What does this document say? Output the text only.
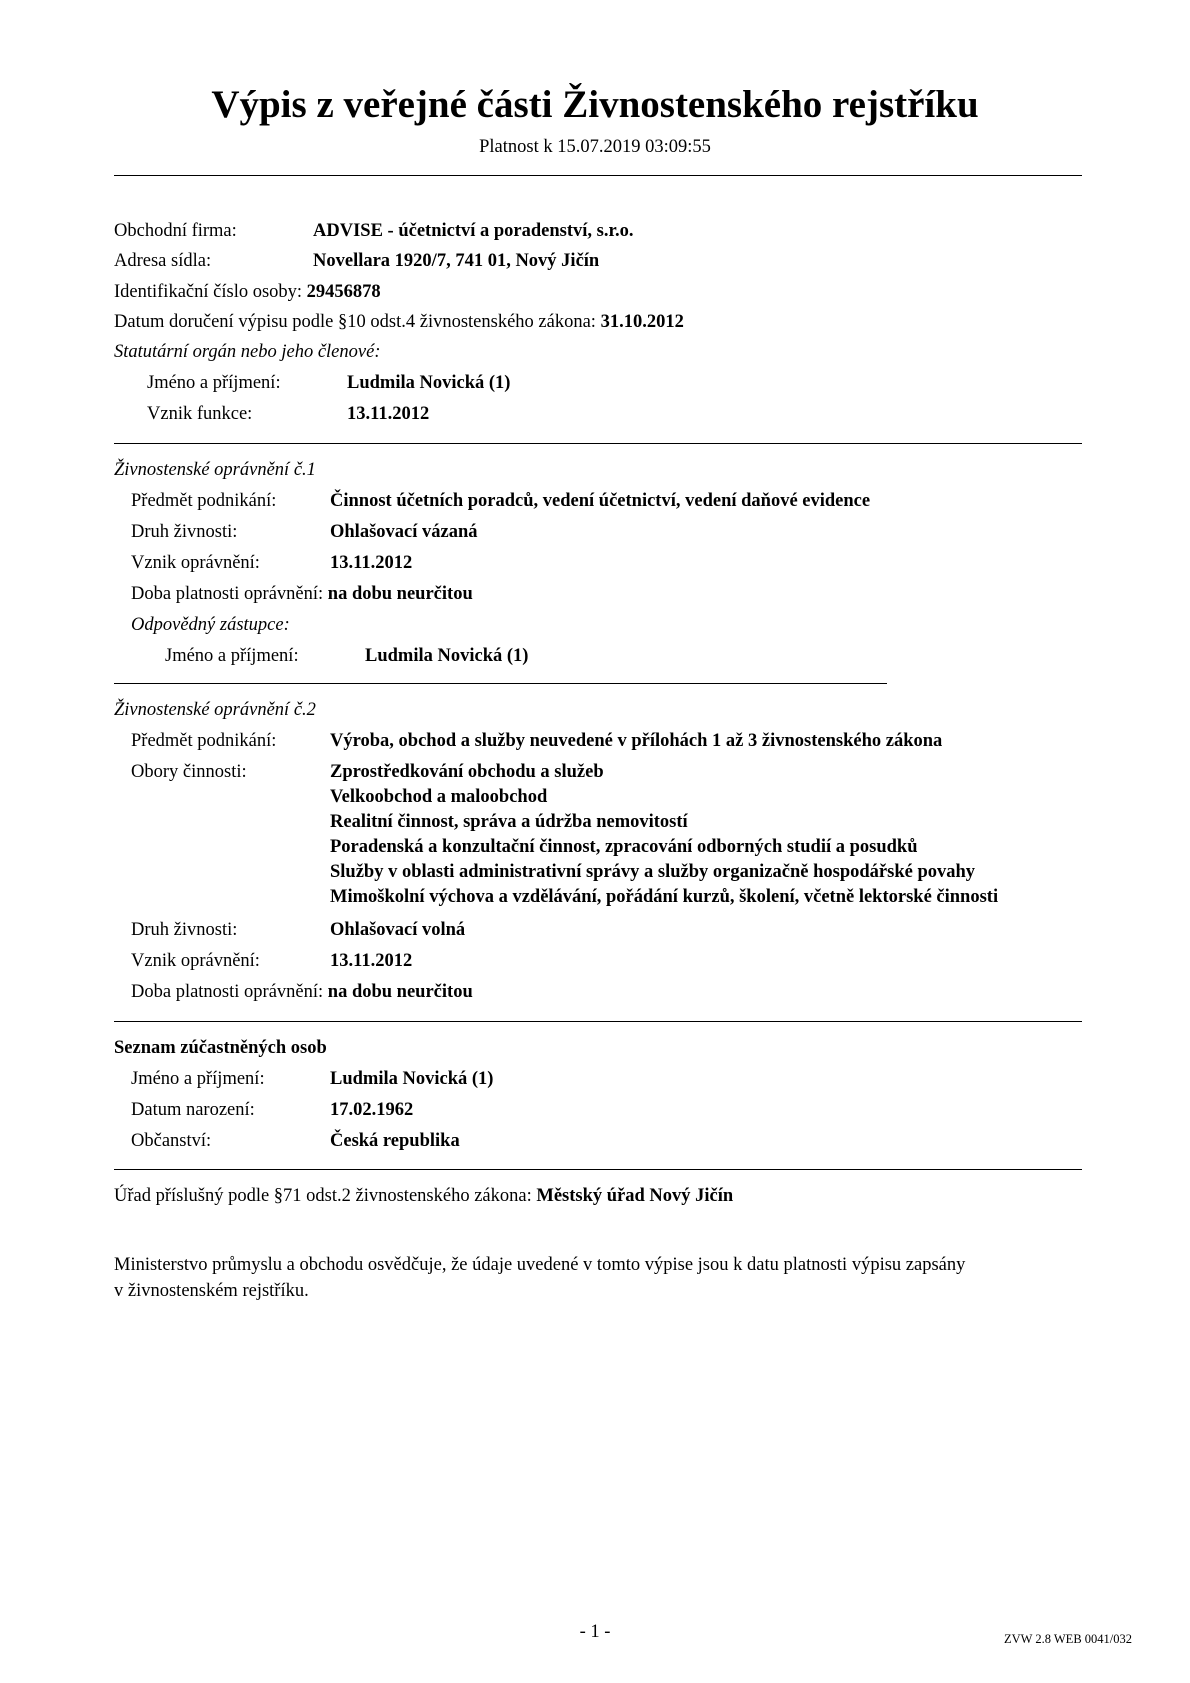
Výpis z veřejné části Živnostenského rejstříku
Platnost k 15.07.2019 03:09:55
Obchodní firma:	ADVISE - účetnictví a poradenství, s.r.o.
Adresa sídla:	Novellara 1920/7, 741 01, Nový Jičín
Identifikační číslo osoby: 29456878
Datum doručení výpisu podle §10 odst.4 živnostenského zákona: 31.10.2012
Statutární orgán nebo jeho členové:
Jméno a příjmení:	Ludmila Novická (1)
Vznik funkce:	13.11.2012
Živnostenské oprávnění č.1
Předmět podnikání:	Činnost účetních poradců, vedení účetnictví, vedení daňové evidence
Druh živnosti:	Ohlašovací vázaná
Vznik oprávnění:	13.11.2012
Doba platnosti oprávnění: na dobu neurčitou
Odpovědný zástupce:
Jméno a příjmení:	Ludmila Novická (1)
Živnostenské oprávnění č.2
Předmět podnikání:	Výroba, obchod a služby neuvedené v přílohách 1 až 3 živnostenského zákona
Obory činnosti:	Zprostředkování obchodu a služeb
Velkoobchod a maloobchod
Realitní činnost, správa a údržba nemovitostí
Poradenská a konzultační činnost, zpracování odborných studií a posudků
Služby v oblasti administrativní správy a služby organizačně hospodářské povahy
Mimoškolní výchova a vzdělávání, pořádání kurzů, školení, včetně lektorské činnosti
Druh živnosti:	Ohlašovací volná
Vznik oprávnění:	13.11.2012
Doba platnosti oprávnění: na dobu neurčitou
Seznam zúčastněných osob
Jméno a příjmení:	Ludmila Novická (1)
Datum narození:	17.02.1962
Občanství:	Česká republika
Úřad příslušný podle §71 odst.2 živnostenského zákona: Městský úřad Nový Jičín
Ministerstvo průmyslu a obchodu osvědčuje, že údaje uvedené v tomto výpise jsou k datu platnosti výpisu zapsány
v živnostenském rejstříku.
- 1 -	ZVW 2.8 WEB 0041/032
